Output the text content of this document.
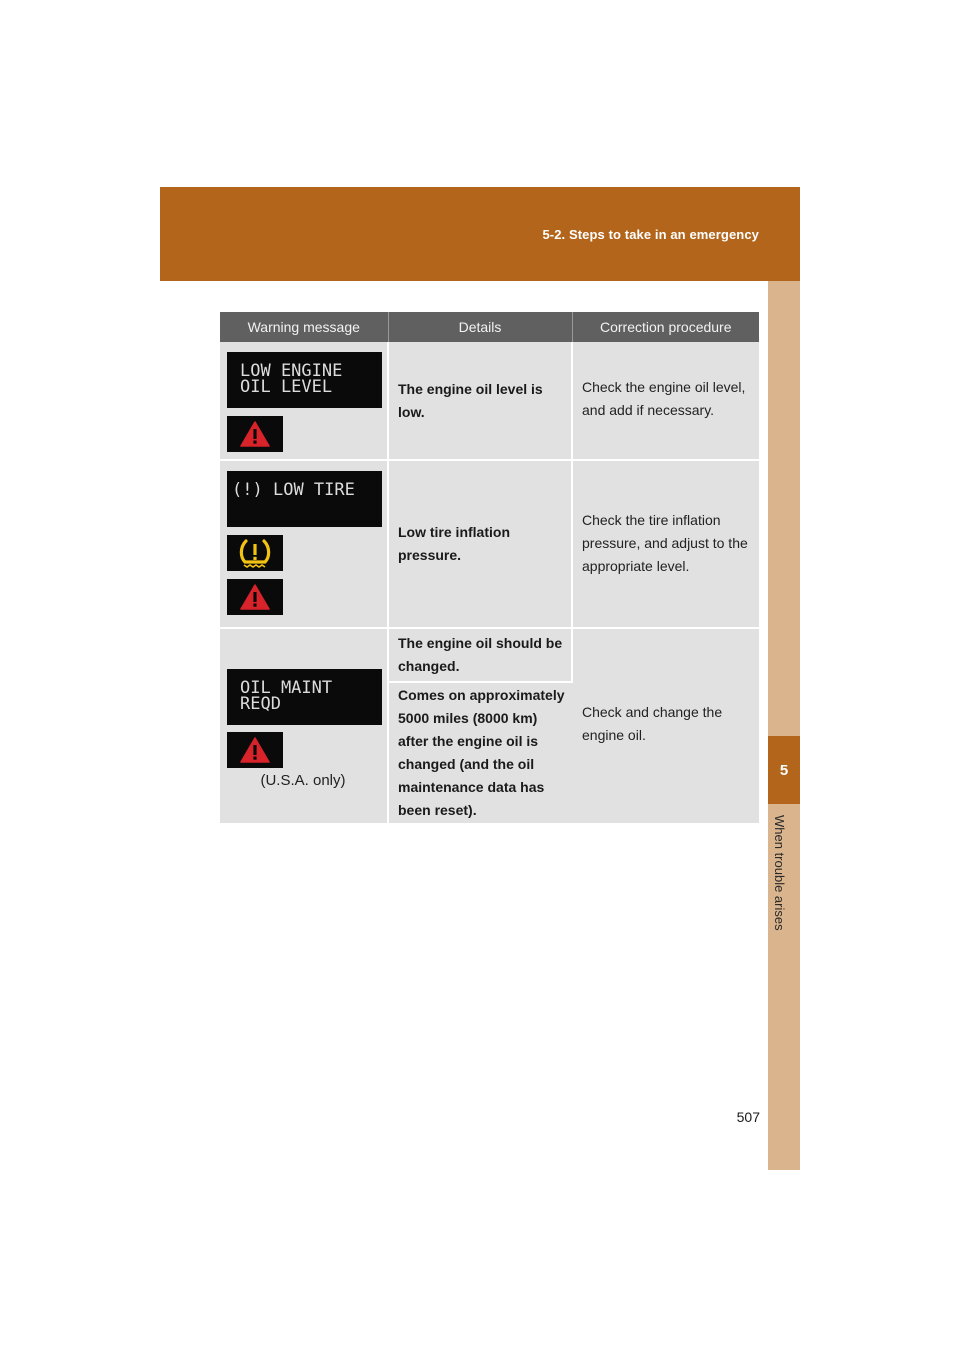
5-2. Steps to take in an emergency
5
When trouble arises
Warning message	Details	Correction procedure

LOW ENGINE
OIL LEVEL	The engine oil level is low.	Check the engine oil level, and add if necessary.

(!) LOW TIRE	Low tire inflation pressure.	Check the tire inflation pressure, and adjust to the appropriate level.

OIL MAINT
REQD
(U.S.A. only)	The engine oil should be changed.	Check and change the engine oil.
	Comes on approximately 5000 miles (8000 km) after the engine oil is changed (and the oil maintenance data has been reset).	
507
